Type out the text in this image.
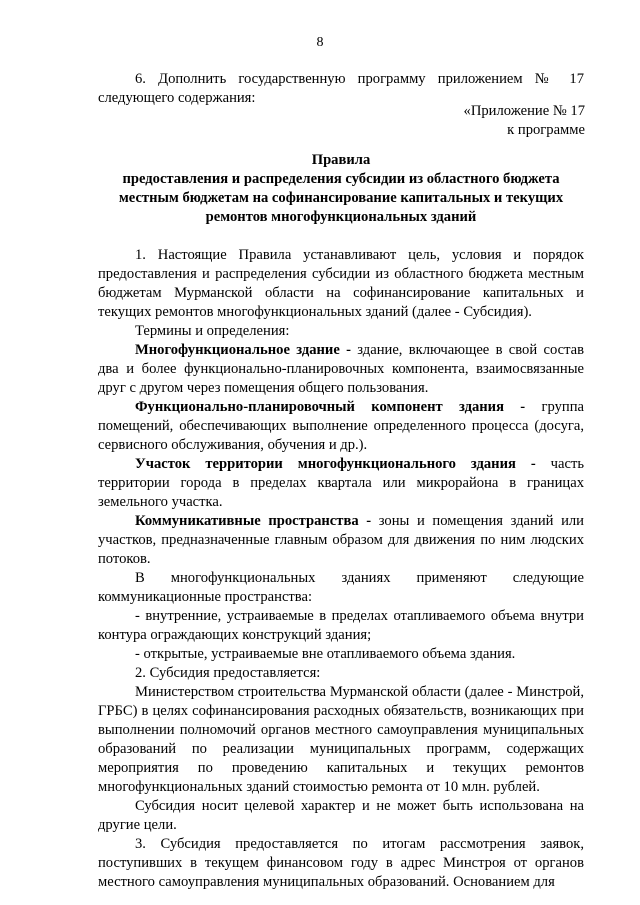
8

6. Дополнить государственную программу приложением № 17 следующего содержания:

«Приложение № 17
к программе
Правила
предоставления и распределения субсидии из областного бюджета
местным бюджетам на софинансирование капитальных и текущих
ремонтов многофункциональных зданий

1. Настоящие Правила устанавливают цель, условия и порядок предоставления и распределения субсидии из областного бюджета местным бюджетам Мурманской области на софинансирование капитальных и текущих ремонтов многофункциональных зданий (далее - Субсидия).

Термины и определения:

Многофункциональное здание - здание, включающее в свой состав два и более функционально-планировочных компонента, взаимосвязанные друг с другом через помещения общего пользования.

Функционально-планировочный компонент здания - группа помещений, обеспечивающих выполнение определенного процесса (досуга, сервисного обслуживания, обучения и др.).

Участок территории многофункционального здания - часть территории города в пределах квартала или микрорайона в границах земельного участка.

Коммуникативные пространства - зоны и помещения зданий или участков, предназначенные главным образом для движения по ним людских потоков.

В многофункциональных зданиях применяют следующие

коммуникационные пространства:

- внутренние, устраиваемые в пределах отапливаемого объема внутри контура ограждающих конструкций здания;

- открытые, устраиваемые вне отапливаемого объема здания.

2. Субсидия предоставляется:

Министерством строительства Мурманской области (далее - Минстрой, ГРБС) в целях софинансирования расходных обязательств, возникающих при выполнении полномочий органов местного самоуправления муниципальных образований по реализации муниципальных программ, содержащих мероприятия по проведению капитальных и текущих ремонтов многофункциональных зданий стоимостью ремонта от 10 млн. рублей.

Субсидия носит целевой характер и не может быть использована на другие цели.

3. Субсидия предоставляется по итогам рассмотрения заявок, поступивших в текущем финансовом году в адрес Минстроя от органов местного самоуправления муниципальных образований. Основанием для
